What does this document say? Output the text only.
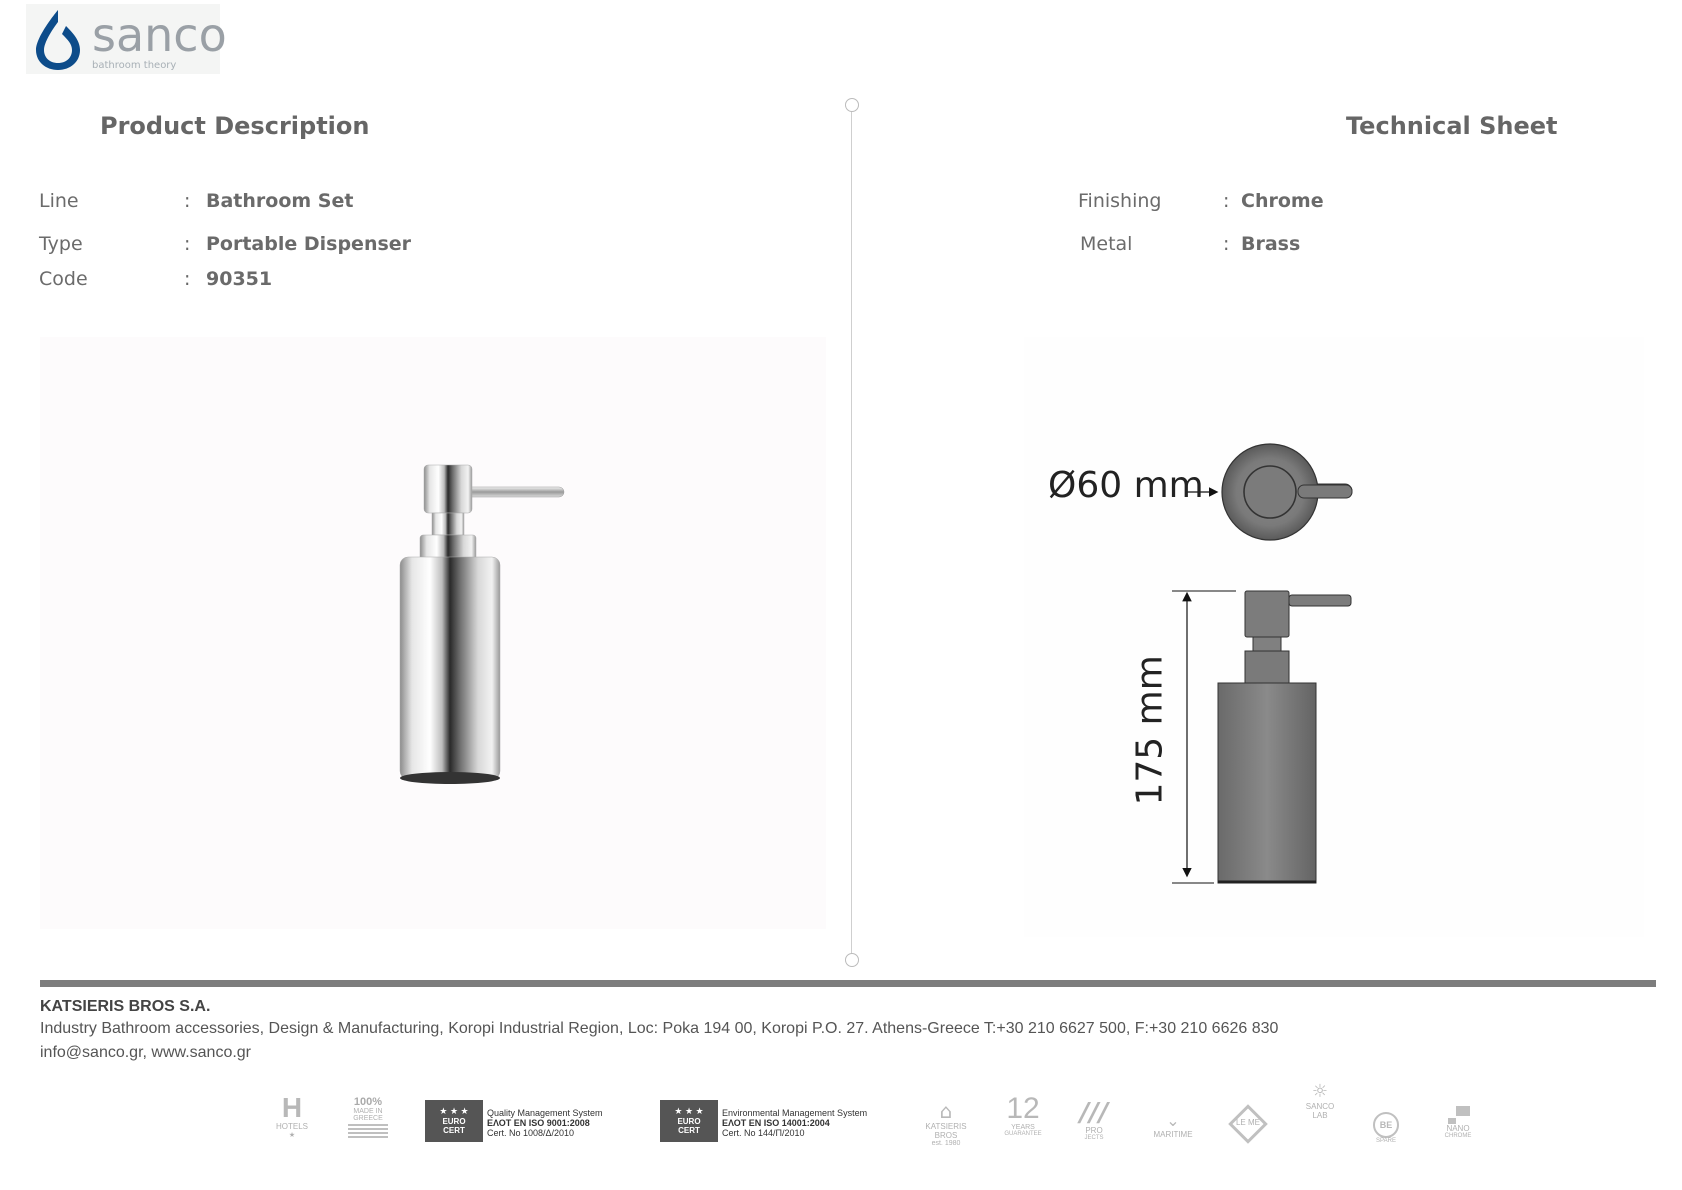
sanco
bathroom theory
Product Description	Technical Sheet
Line	: Bathroom Set
Type	: Portable Dispenser
Code	: 90351
Finishing	: Chrome
Metal	: Brass
Ø60 mm
175 mm
KATSIERIS BROS S.A.
Industry Bathroom accessories, Design & Manufacturing, Koropi Industrial Region, Loc: Poka 194 00, Koropi P.O. 27. Athens-Greece T:+30 210 6627 500, F:+30 210 6626 830
info@sanco.gr, www.sanco.gr
H
HOTELS
★
100%
MADE IN
GREECE
★ ★ ★
EURO
CERT
Quality Management System
ΕΛΟΤ EN ISO 9001:2008
Cert. No 1008/Δ/2010
★ ★ ★
EURO
CERT
Environmental Management System
ΕΛΟΤ EN ISO 14001:2004
Cert. No 144/Π/2010
⌂
KATSIERIS BROS
est. 1980
12
YEARS
GUARANTEE
///
PRO
JECTS
⌄
MARITIME
LE ME
☼
SANCO LAB
BE
SPARE
NANO
CHROME
